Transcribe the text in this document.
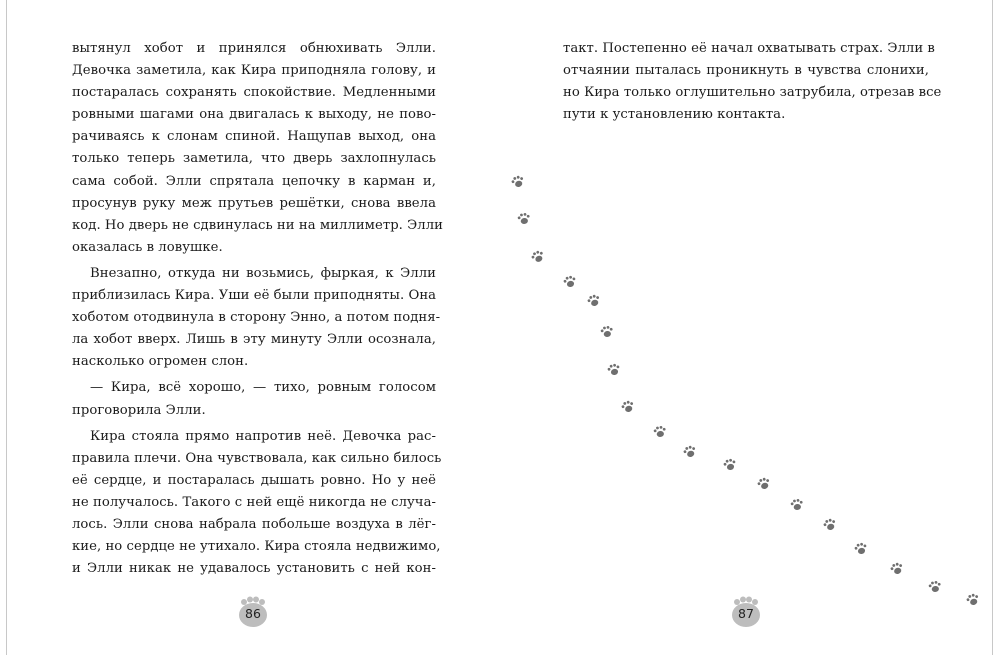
вытянул хобот и принялся обнюхивать Элли.
Девочка заметила, как Кира приподняла голову, и
постаралась сохранять спокойствие. Медленными
ровными шагами она двигалась к выходу, не пово-
рачиваясь к слонам спиной. Нащупав выход, она
только теперь заметила, что дверь захлопнулась
сама собой. Элли спрятала цепочку в карман и,
просунув руку меж прутьев решётки, снова ввела
код. Но дверь не сдвинулась ни на миллиметр. Элли
оказалась в ловушке.

Внезапно, откуда ни возьмись, фыркая, к Элли
приблизилась Кира. Уши её были приподняты. Она
хоботом отодвинула в сторону Энно, а потом подня-
ла хобот вверх. Лишь в эту минуту Элли осознала,
насколько огромен слон.

— Кира, всё хорошо, — тихо, ровным голосом
проговорила Элли.

Кира стояла прямо напротив неё. Девочка рас-
правила плечи. Она чувствовала, как сильно билось
её сердце, и постаралась дышать ровно. Но у неё
не получалось. Такого с ней ещё никогда не случа-
лось. Элли снова набрала побольше воздуха в лёг-
кие, но сердце не утихало. Кира стояла недвижимо,
и Элли никак не удавалось установить с ней кон-

такт. Постепенно её начал охватывать страх. Элли в
отчаянии пыталась проникнуть в чувства слонихи,
но Кира только оглушительно затрубила, отрезав все
пути к установлению контакта.

86	87
